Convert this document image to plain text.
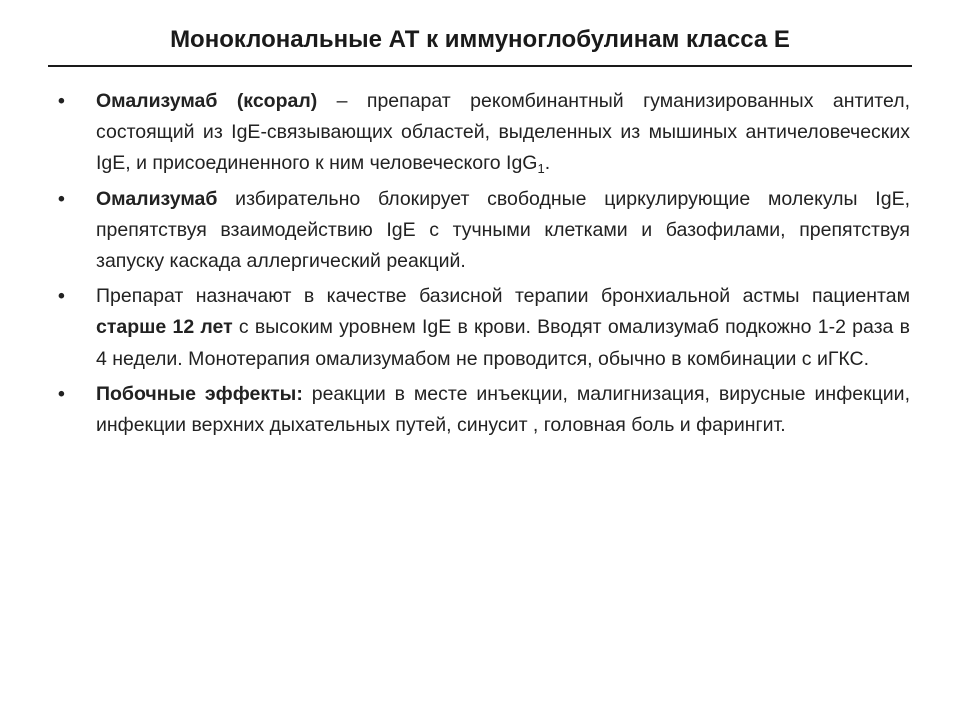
Моноклональные АТ к иммуноглобулинам класса Е
• Омализумаб (ксорал) – препарат рекомбинантный гуманизированных антител, состоящий из IgE-связывающих областей, выделенных из мышиных античеловеческих IgE, и присоединенного к ним человеческого IgG$_1$.
• Омализумаб избирательно блокирует свободные циркулирующие молекулы IgE, препятствуя взаимодействию IgE с тучными клетками и базофилами, препятствуя запуску каскада аллергический реакций.
• Препарат назначают в качестве базисной терапии бронхиальной астмы пациентам старше 12 лет с высоким уровнем IgE в крови. Вводят омализумаб подкожно 1-2 раза в 4 недели. Монотерапия омализумабом не проводится, обычно в комбинации с иГКС.
• Побочные эффекты: реакции в месте инъекции, малигнизация, вирусные инфекции, инфекции верхних дыхательных путей, синусит , головная боль и фарингит.
